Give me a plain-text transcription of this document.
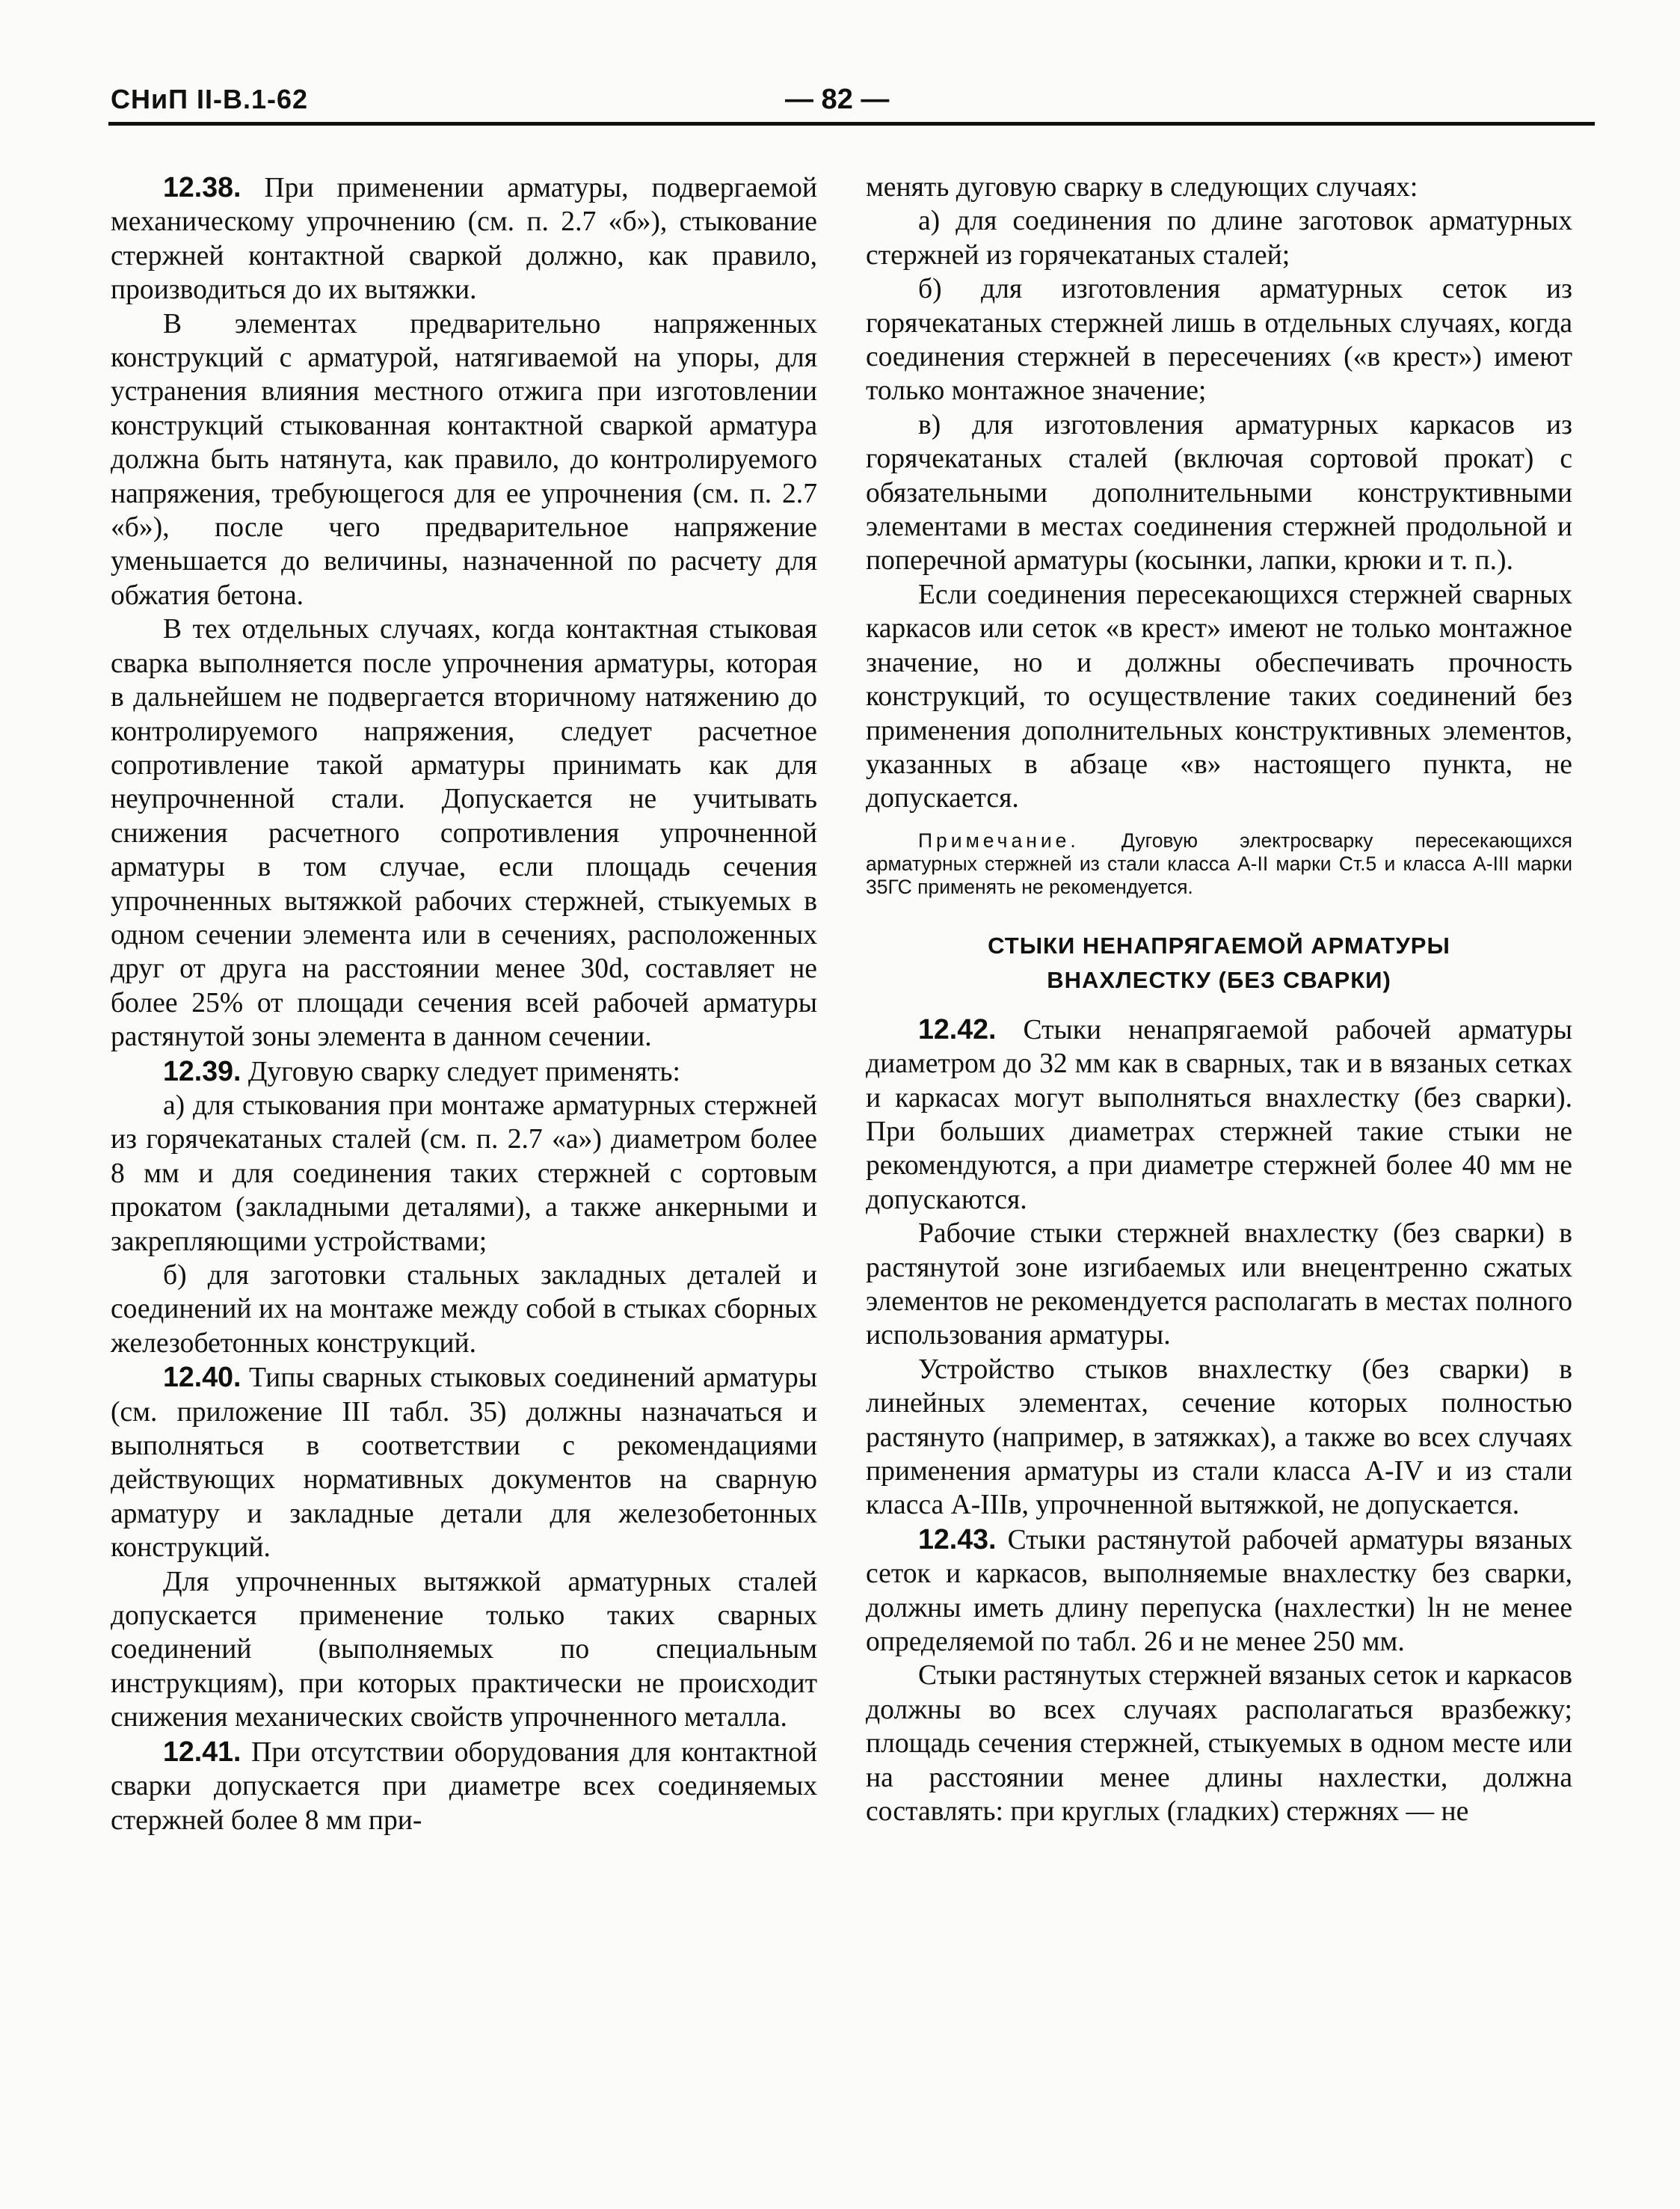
СНиП II-В.1-62	— 82 —

12.38. При применении арматуры, подвергаемой механическому упрочнению (см. п. 2.7 «б»), стыкование стержней контактной сваркой должно, как правило, производиться до их вытяжки.

В элементах предварительно напряженных конструкций с арматурой, натягиваемой на упоры, для устранения влияния местного отжига при изготовлении конструкций стыкованная контактной сваркой арматура должна быть натянута, как правило, до контролируемого напряжения, требующегося для ее упрочнения (см. п. 2.7 «б»), после чего предварительное напряжение уменьшается до величины, назначенной по расчету для обжатия бетона.

В тех отдельных случаях, когда контактная стыковая сварка выполняется после упрочнения арматуры, которая в дальнейшем не подвергается вторичному натяжению до контролируемого напряжения, следует расчетное сопротивление такой арматуры принимать как для неупрочненной стали. Допускается не учитывать снижения расчетного сопротивления упрочненной арматуры в том случае, если площадь сечения упрочненных вытяжкой рабочих стержней, стыкуемых в одном сечении элемента или в сечениях, расположенных друг от друга на расстоянии менее 30d, составляет не более 25% от площади сечения всей рабочей арматуры растянутой зоны элемента в данном сечении.

12.39. Дуговую сварку следует применять:

а) для стыкования при монтаже арматурных стержней из горячекатаных сталей (см. п. 2.7 «а») диаметром более 8 мм и для соединения таких стержней с сортовым прокатом (закладными деталями), а также анкерными и закрепляющими устройствами;

б) для заготовки стальных закладных деталей и соединений их на монтаже между собой в стыках сборных железобетонных конструкций.

12.40. Типы сварных стыковых соединений арматуры (см. приложение III табл. 35) должны назначаться и выполняться в соответствии с рекомендациями действующих нормативных документов на сварную арматуру и закладные детали для железобетонных конструкций.

Для упрочненных вытяжкой арматурных сталей допускается применение только таких сварных соединений (выполняемых по специальным инструкциям), при которых практически не происходит снижения механических свойств упрочненного металла.

12.41. При отсутствии оборудования для контактной сварки допускается при диаметре всех соединяемых стержней более 8 мм при-

менять дуговую сварку в следующих случаях:

а) для соединения по длине заготовок арматурных стержней из горячекатаных сталей;

б) для изготовления арматурных сеток из горячекатаных стержней лишь в отдельных случаях, когда соединения стержней в пересечениях («в крест») имеют только монтажное значение;

в) для изготовления арматурных каркасов из горячекатаных сталей (включая сортовой прокат) с обязательными дополнительными конструктивными элементами в местах соединения стержней продольной и поперечной арматуры (косынки, лапки, крюки и т. п.).

Если соединения пересекающихся стержней сварных каркасов или сеток «в крест» имеют не только монтажное значение, но и должны обеспечивать прочность конструкций, то осуществление таких соединений без применения дополнительных конструктивных элементов, указанных в абзаце «в» настоящего пункта, не допускается.

Примечание. Дуговую электросварку пересекающихся арматурных стержней из стали класса А-II марки Ст.5 и класса А-III марки 35ГС применять не рекомендуется.

СТЫКИ НЕНАПРЯГАЕМОЙ АРМАТУРЫ
ВНАХЛЕСТКУ (БЕЗ СВАРКИ)

12.42. Стыки ненапрягаемой рабочей арматуры диаметром до 32 мм как в сварных, так и в вязаных сетках и каркасах могут выполняться внахлестку (без сварки). При больших диаметрах стержней такие стыки не рекомендуются, а при диаметре стержней более 40 мм не допускаются.

Рабочие стыки стержней внахлестку (без сварки) в растянутой зоне изгибаемых или внецентренно сжатых элементов не рекомендуется располагать в местах полного использования арматуры.

Устройство стыков внахлестку (без сварки) в линейных элементах, сечение которых полностью растянуто (например, в затяжках), а также во всех случаях применения арматуры из стали класса А-IV и из стали класса А-IIIв, упрочненной вытяжкой, не допускается.

12.43. Стыки растянутой рабочей арматуры вязаных сеток и каркасов, выполняемые внахлестку без сварки, должны иметь длину перепуска (нахлестки) lн не менее определяемой по табл. 26 и не менее 250 мм.

Стыки растянутых стержней вязаных сеток и каркасов должны во всех случаях располагаться вразбежку; площадь сечения стержней, стыкуемых в одном месте или на расстоянии менее длины нахлестки, должна составлять: при круглых (гладких) стержнях — не
